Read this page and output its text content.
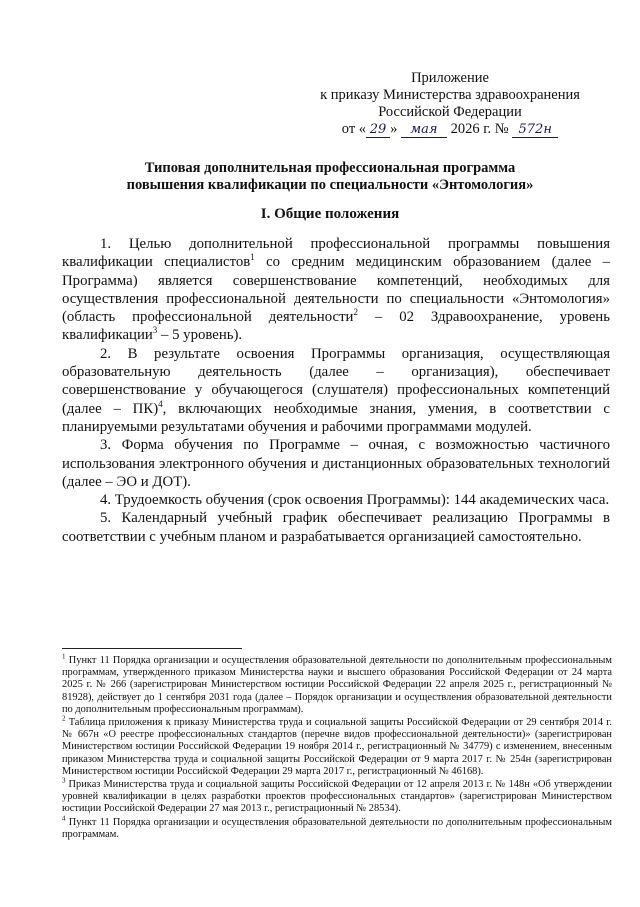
Приложение
к приказу Министерства здравоохранения
Российской Федерации
от « 29 » мая 2026 г. № 572н
Типовая дополнительная профессиональная программа
повышения квалификации по специальности «Энтомология»
I. Общие положения

1. Целью дополнительной профессиональной программы повышения квалификации специалистов$^1$ со средним медицинским образованием (далее – Программа) является совершенствование компетенций, необходимых для осуществления профессиональной деятельности по специальности «Энтомология» (область профессиональной деятельности$^2$ – 02 Здравоохранение, уровень квалификации$^3$ – 5 уровень).

2. В результате освоения Программы организация, осуществляющая образовательную деятельность (далее – организация), обеспечивает совершенствование у обучающегося (слушателя) профессиональных компетенций (далее – ПК)$^4$, включающих необходимые знания, умения, в соответствии с планируемыми результатами обучения и рабочими программами модулей.

3. Форма обучения по Программе – очная, с возможностью частичного использования электронного обучения и дистанционных образовательных технологий (далее – ЭО и ДОТ).

4. Трудоемкость обучения (срок освоения Программы): 144 академических часа.

5. Календарный учебный график обеспечивает реализацию Программы в соответствии с учебным планом и разрабатывается организацией самостоятельно.

$^1$ Пункт 11 Порядка организации и осуществления образовательной деятельности по дополнительным профессиональным программам, утвержденного приказом Министерства науки и высшего образования Российской Федерации от 24 марта 2025 г. № 266 (зарегистрирован Министерством юстиции Российской Федерации 22 апреля 2025 г., регистрационный № 81928), действует до 1 сентября 2031 года (далее – Порядок организации и осуществления образовательной деятельности по дополнительным профессиональным программам).

$^2$ Таблица приложения к приказу Министерства труда и социальной защиты Российской Федерации от 29 сентября 2014 г. № 667н «О реестре профессиональных стандартов (перечне видов профессиональной деятельности)» (зарегистрирован Министерством юстиции Российской Федерации 19 ноября 2014 г., регистрационный № 34779) с изменением, внесенным приказом Министерства труда и социальной защиты Российской Федерации от 9 марта 2017 г. № 254н (зарегистрирован Министерством юстиции Российской Федерации 29 марта 2017 г., регистрационный № 46168).

$^3$ Приказ Министерства труда и социальной защиты Российской Федерации от 12 апреля 2013 г. № 148н «Об утверждении уровней квалификации в целях разработки проектов профессиональных стандартов» (зарегистрирован Министерством юстиции Российской Федерации 27 мая 2013 г., регистрационный № 28534).

$^4$ Пункт 11 Порядка организации и осуществления образовательной деятельности по дополнительным профессиональным программам.
